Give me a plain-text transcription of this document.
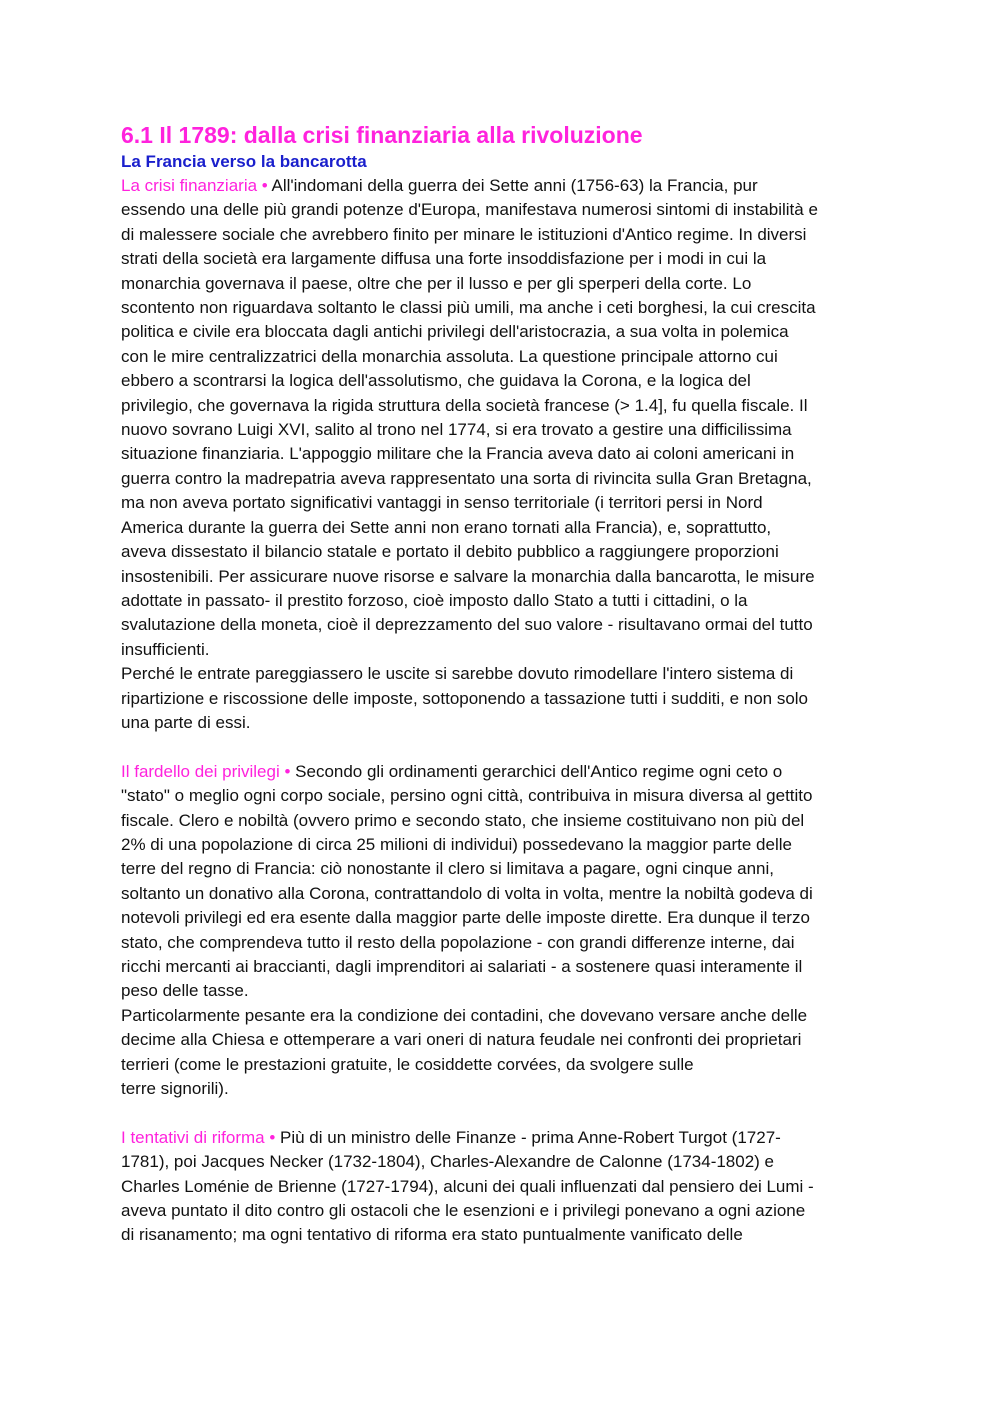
6.1 Il 1789: dalla crisi finanziaria alla rivoluzione
La Francia verso la bancarotta

La crisi finanziaria • All'indomani della guerra dei Sette anni (1756-63) la Francia, pur
essendo una delle più grandi potenze d'Europa, manifestava numerosi sintomi di instabilità e
di malessere sociale che avrebbero finito per minare le istituzioni d'Antico regime. In diversi
strati della società era largamente diffusa una forte insoddisfazione per i modi in cui la
monarchia governava il paese, oltre che per il lusso e per gli sperperi della corte. Lo
scontento non riguardava soltanto le classi più umili, ma anche i ceti borghesi, la cui crescita
politica e civile era bloccata dagli antichi privilegi dell'aristocrazia, a sua volta in polemica
con le mire centralizzatrici della monarchia assoluta. La questione principale attorno cui
ebbero a scontrarsi la logica dell'assolutismo, che guidava la Corona, e la logica del
privilegio, che governava la rigida struttura della società francese (> 1.4], fu quella fiscale. Il
nuovo sovrano Luigi XVI, salito al trono nel 1774, si era trovato a gestire una difficilissima
situazione finanziaria. L'appoggio militare che la Francia aveva dato ai coloni americani in
guerra contro la madrepatria aveva rappresentato una sorta di rivincita sulla Gran Bretagna,
ma non aveva portato significativi vantaggi in senso territoriale (i territori persi in Nord
America durante la guerra dei Sette anni non erano tornati alla Francia), e, soprattutto,
aveva dissestato il bilancio statale e portato il debito pubblico a raggiungere proporzioni
insostenibili. Per assicurare nuove risorse e salvare la monarchia dalla bancarotta, le misure
adottate in passato- il prestito forzoso, cioè imposto dallo Stato a tutti i cittadini, o la
svalutazione della moneta, cioè il deprezzamento del suo valore - risultavano ormai del tutto
insufficienti.

Perché le entrate pareggiassero le uscite si sarebbe dovuto rimodellare l'intero sistema di
ripartizione e riscossione delle imposte, sottoponendo a tassazione tutti i sudditi, e non solo
una parte di essi.

Il fardello dei privilegi • Secondo gli ordinamenti gerarchici dell'Antico regime ogni ceto o
"stato" o meglio ogni corpo sociale, persino ogni città, contribuiva in misura diversa al gettito
fiscale. Clero e nobiltà (ovvero primo e secondo stato, che insieme costituivano non più del
2% di una popolazione di circa 25 milioni di individui) possedevano la maggior parte delle
terre del regno di Francia: ciò nonostante il clero si limitava a pagare, ogni cinque anni,
soltanto un donativo alla Corona, contrattandolo di volta in volta, mentre la nobiltà godeva di
notevoli privilegi ed era esente dalla maggior parte delle imposte dirette. Era dunque il terzo
stato, che comprendeva tutto il resto della popolazione - con grandi differenze interne, dai
ricchi mercanti ai braccianti, dagli imprenditori ai salariati - a sostenere quasi interamente il
peso delle tasse.

Particolarmente pesante era la condizione dei contadini, che dovevano versare anche delle
decime alla Chiesa e ottemperare a vari oneri di natura feudale nei confronti dei proprietari
terrieri (come le prestazioni gratuite, le cosiddette corvées, da svolgere sulle
terre signorili).

I tentativi di riforma • Più di un ministro delle Finanze - prima Anne-Robert Turgot (1727-
1781), poi Jacques Necker (1732-1804), Charles-Alexandre de Calonne (1734-1802) e
Charles Loménie de Brienne (1727-1794), alcuni dei quali influenzati dal pensiero dei Lumi -
aveva puntato il dito contro gli ostacoli che le esenzioni e i privilegi ponevano a ogni azione
di risanamento; ma ogni tentativo di riforma era stato puntualmente vanificato delle
